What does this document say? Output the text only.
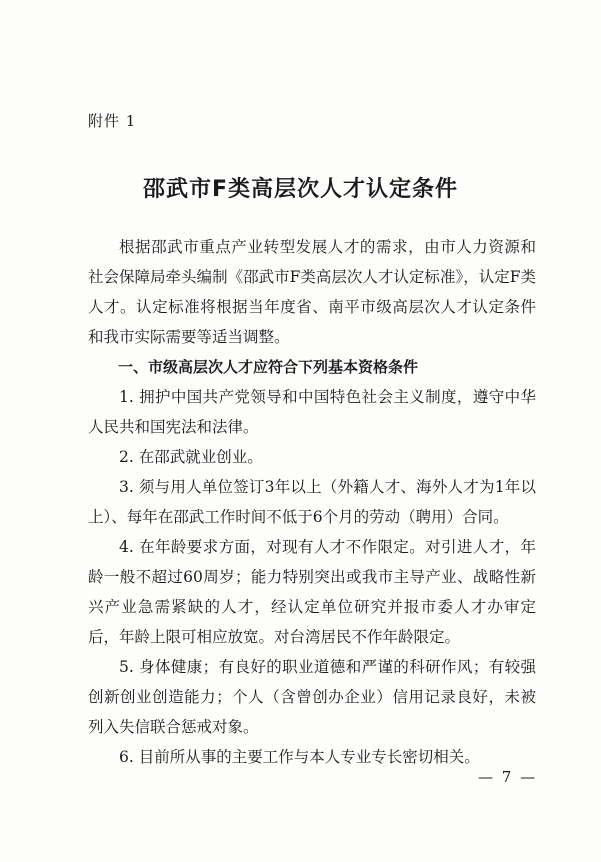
附件 1
邵武市F类高层次人才认定条件

根据邵武市重点产业转型发展人才的需求，由市人力资源和社会保障局牵头编制《邵武市F类高层次人才认定标准》，认定F类人才。认定标准将根据当年度省、南平市级高层次人才认定条件和我市实际需要等适当调整。

一、市级高层次人才应符合下列基本资格条件

1. 拥护中国共产党领导和中国特色社会主义制度，遵守中华人民共和国宪法和法律。

2. 在邵武就业创业。

3. 须与用人单位签订3年以上（外籍人才、海外人才为1年以上）、每年在邵武工作时间不低于6个月的劳动（聘用）合同。

4. 在年龄要求方面，对现有人才不作限定。对引进人才，年龄一般不超过60周岁；能力特别突出或我市主导产业、战略性新兴产业急需紧缺的人才，经认定单位研究并报市委人才办审定后，年龄上限可相应放宽。对台湾居民不作年龄限定。

5. 身体健康；有良好的职业道德和严谨的科研作风；有较强创新创业创造能力；个人（含曾创办企业）信用记录良好，未被列入失信联合惩戒对象。

6. 目前所从事的主要工作与本人专业专长密切相关。

— 7 —
